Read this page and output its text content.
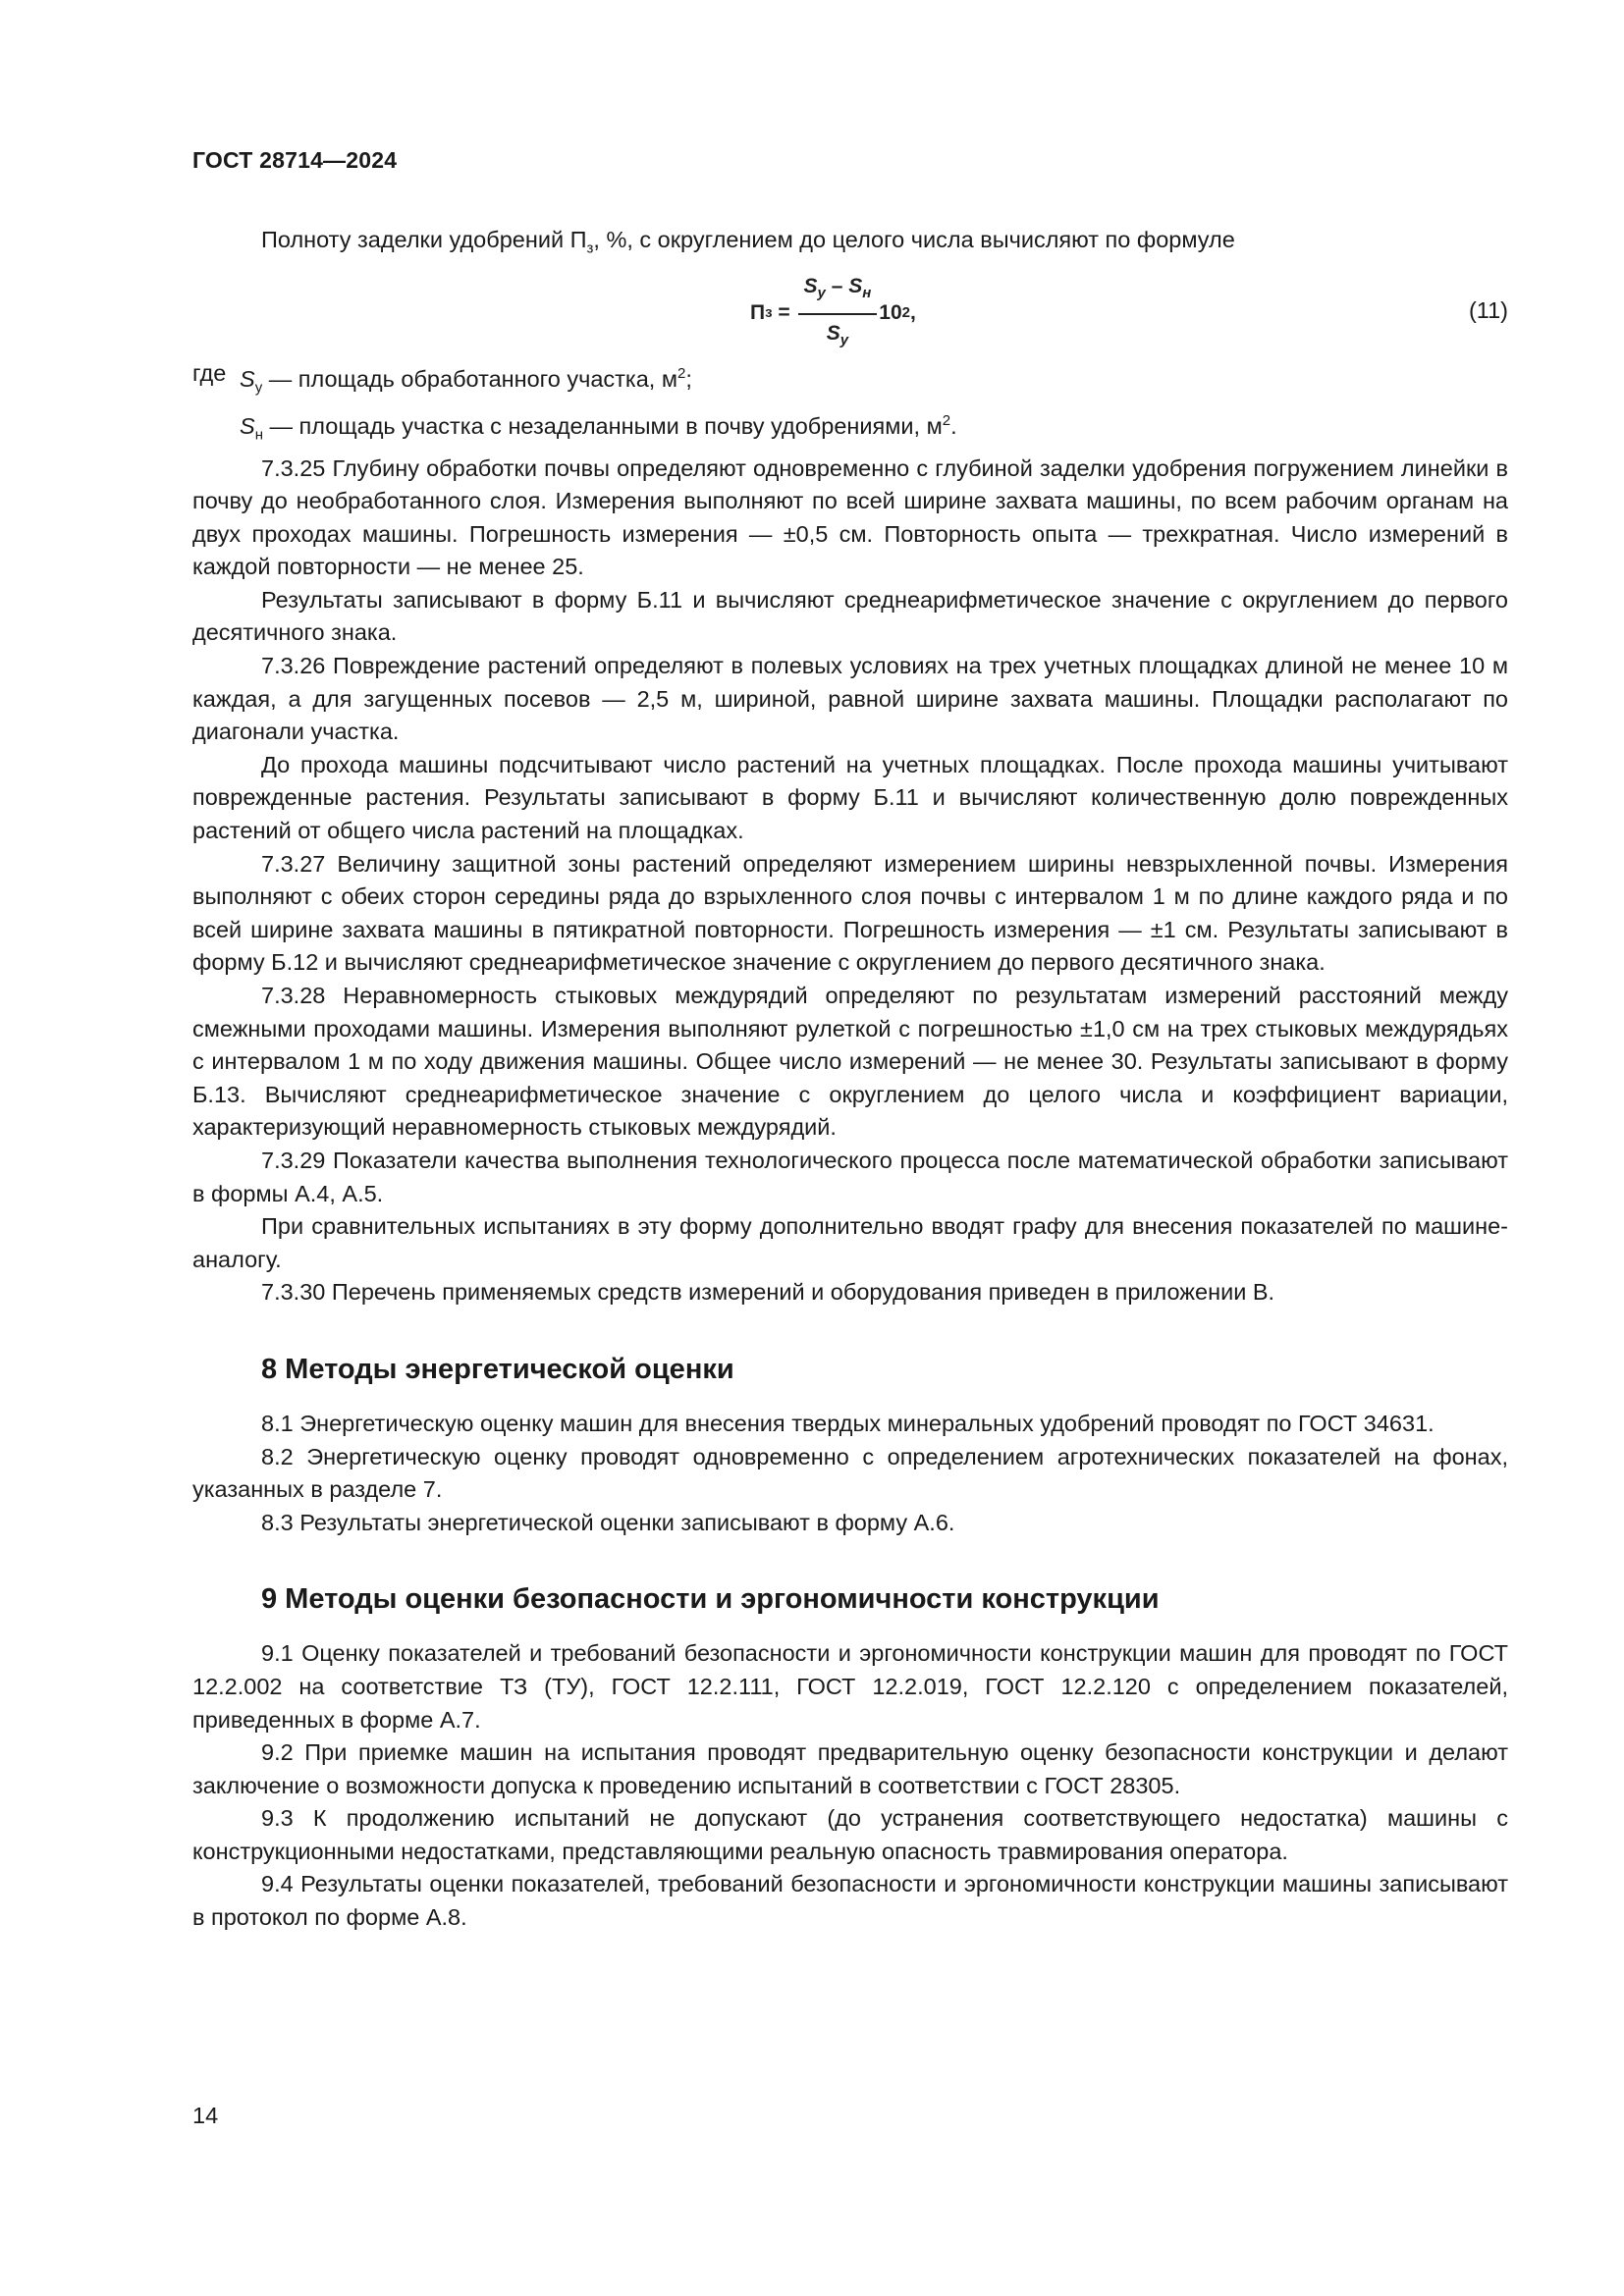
ГОСТ 28714—2024

Полноту заделки удобрений $П_з$, %, с округлением до целого числа вычисляют по формуле

П $з = \frac{S_у - S_н}{S_у} 10$ 2 ,	(11)
где $S_у$ — площадь обработанного участка, $м^2$;
$S_н$ — площадь участка с незаделанными в почву удобрениями, $м^2$.

7.3.25 Глубину обработки почвы определяют одновременно с глубиной заделки удобрения погружением линейки в почву до необработанного слоя. Измерения выполняют по всей ширине захвата машины, по всем рабочим органам на двух проходах машины. Погрешность измерения — ±0,5 см. Повторность опыта — трехкратная. Число измерений в каждой повторности — не менее 25.

Результаты записывают в форму Б.11 и вычисляют среднеарифметическое значение с округлением до первого десятичного знака.

7.3.26 Повреждение растений определяют в полевых условиях на трех учетных площадках длиной не менее 10 м каждая, а для загущенных посевов — 2,5 м, шириной, равной ширине захвата машины. Площадки располагают по диагонали участка.

До прохода машины подсчитывают число растений на учетных площадках. После прохода машины учитывают поврежденные растения. Результаты записывают в форму Б.11 и вычисляют количественную долю поврежденных растений от общего числа растений на площадках.

7.3.27 Величину защитной зоны растений определяют измерением ширины невзрыхленной почвы. Измерения выполняют с обеих сторон середины ряда до взрыхленного слоя почвы с интервалом 1 м по длине каждого ряда и по всей ширине захвата машины в пятикратной повторности. Погрешность измерения — ±1 см. Результаты записывают в форму Б.12 и вычисляют среднеарифметическое значение с округлением до первого десятичного знака.

7.3.28 Неравномерность стыковых междурядий определяют по результатам измерений расстояний между смежными проходами машины. Измерения выполняют рулеткой с погрешностью ±1,0 см на трех стыковых междурядьях с интервалом 1 м по ходу движения машины. Общее число измерений — не менее 30. Результаты записывают в форму Б.13. Вычисляют среднеарифметическое значение с округлением до целого числа и коэффициент вариации, характеризующий неравномерность стыковых междурядий.

7.3.29 Показатели качества выполнения технологического процесса после математической обработки записывают в формы А.4, А.5.

При сравнительных испытаниях в эту форму дополнительно вводят графу для внесения показателей по машине-аналогу.

7.3.30 Перечень применяемых средств измерений и оборудования приведен в приложении В.

8 Методы энергетической оценки

8.1 Энергетическую оценку машин для внесения твердых минеральных удобрений проводят по ГОСТ 34631.

8.2 Энергетическую оценку проводят одновременно с определением агротехнических показателей на фонах, указанных в разделе 7.

8.3 Результаты энергетической оценки записывают в форму А.6.

9 Методы оценки безопасности и эргономичности конструкции

9.1 Оценку показателей и требований безопасности и эргономичности конструкции машин для проводят по ГОСТ 12.2.002 на соответствие ТЗ (ТУ), ГОСТ 12.2.111, ГОСТ 12.2.019, ГОСТ 12.2.120 с определением показателей, приведенных в форме А.7.

9.2 При приемке машин на испытания проводят предварительную оценку безопасности конструкции и делают заключение о возможности допуска к проведению испытаний в соответствии с ГОСТ 28305.

9.3 К продолжению испытаний не допускают (до устранения соответствующего недостатка) машины с конструкционными недостатками, представляющими реальную опасность травмирования оператора.

9.4 Результаты оценки показателей, требований безопасности и эргономичности конструкции машины записывают в протокол по форме А.8.

14
